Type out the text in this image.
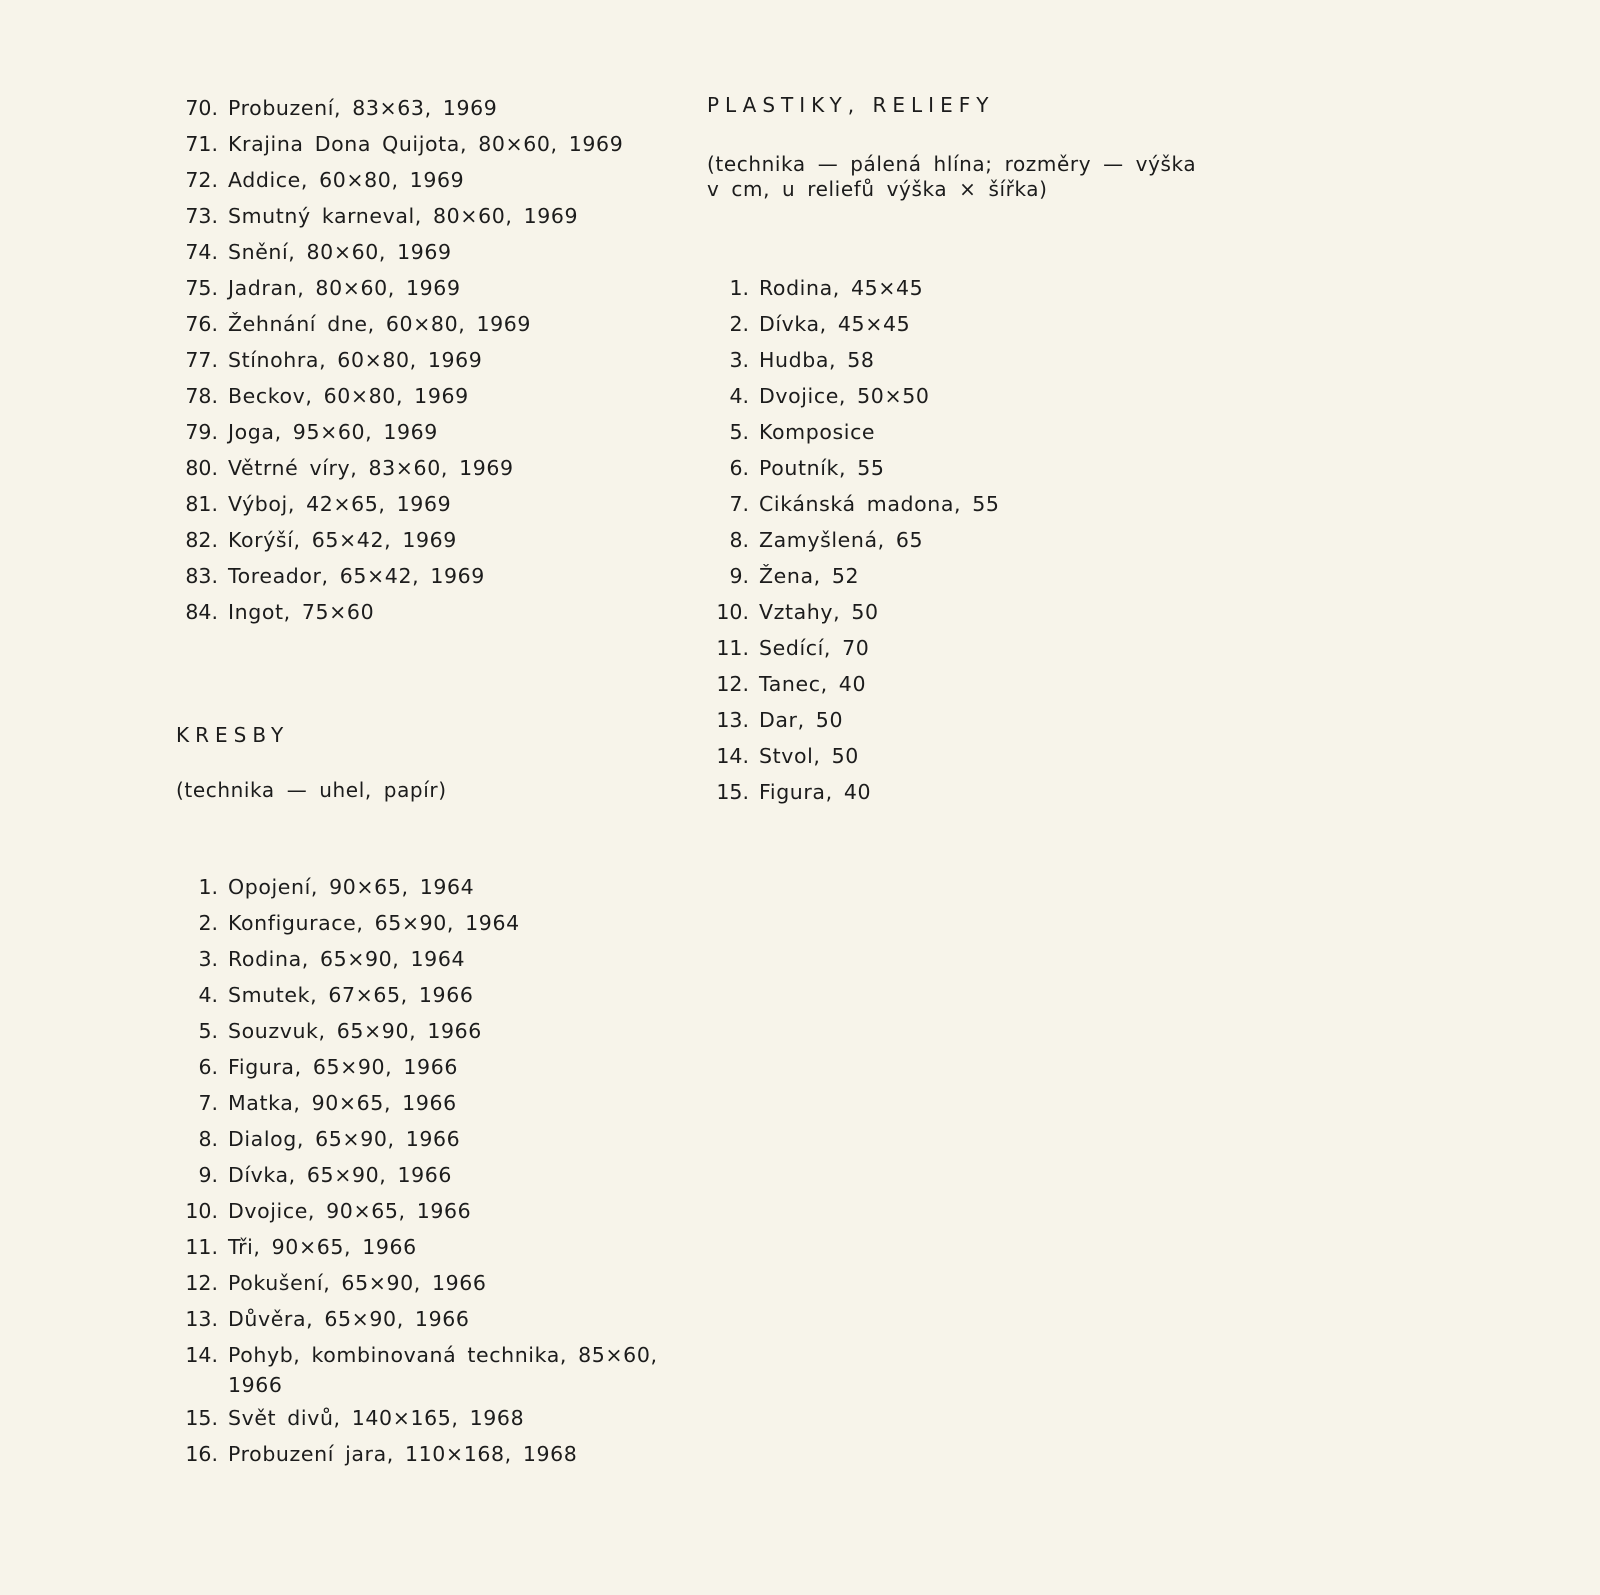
70. Probuzení, 83×63, 1969
71. Krajina Dona Quijota, 80×60, 1969
72. Addice, 60×80, 1969
73. Smutný karneval, 80×60, 1969
74. Snění, 80×60, 1969
75. Jadran, 80×60, 1969
76. Žehnání dne, 60×80, 1969
77. Stínohra, 60×80, 1969
78. Beckov, 60×80, 1969
79. Joga, 95×60, 1969
80. Větrné víry, 83×60, 1969
81. Výboj, 42×65, 1969
82. Korýší, 65×42, 1969
83. Toreador, 65×42, 1969
84. Ingot, 75×60
KRESBY

(technika — uhel, papír)

1. Opojení, 90×65, 1964
2. Konfigurace, 65×90, 1964
3. Rodina, 65×90, 1964
4. Smutek, 67×65, 1966
5. Souzvuk, 65×90, 1966
6. Figura, 65×90, 1966
7. Matka, 90×65, 1966
8. Dialog, 65×90, 1966
9. Dívka, 65×90, 1966
10. Dvojice, 90×65, 1966
11. Tři, 90×65, 1966
12. Pokušení, 65×90, 1966
13. Důvěra, 65×90, 1966
14. Pohyb, kombinovaná technika, 85×60, 1966
15. Svět divů, 140×165, 1968
16. Probuzení jara, 110×168, 1968
PLASTIKY, RELIEFY

(technika — pálená hlína; rozměry — výška

v cm, u reliefů výška × šířka)

1. Rodina, 45×45
2. Dívka, 45×45
3. Hudba, 58
4. Dvojice, 50×50
5. Komposice
6. Poutník, 55
7. Cikánská madona, 55
8. Zamyšlená, 65
9. Žena, 52
10. Vztahy, 50
11. Sedící, 70
12. Tanec, 40
13. Dar, 50
14. Stvol, 50
15. Figura, 40
